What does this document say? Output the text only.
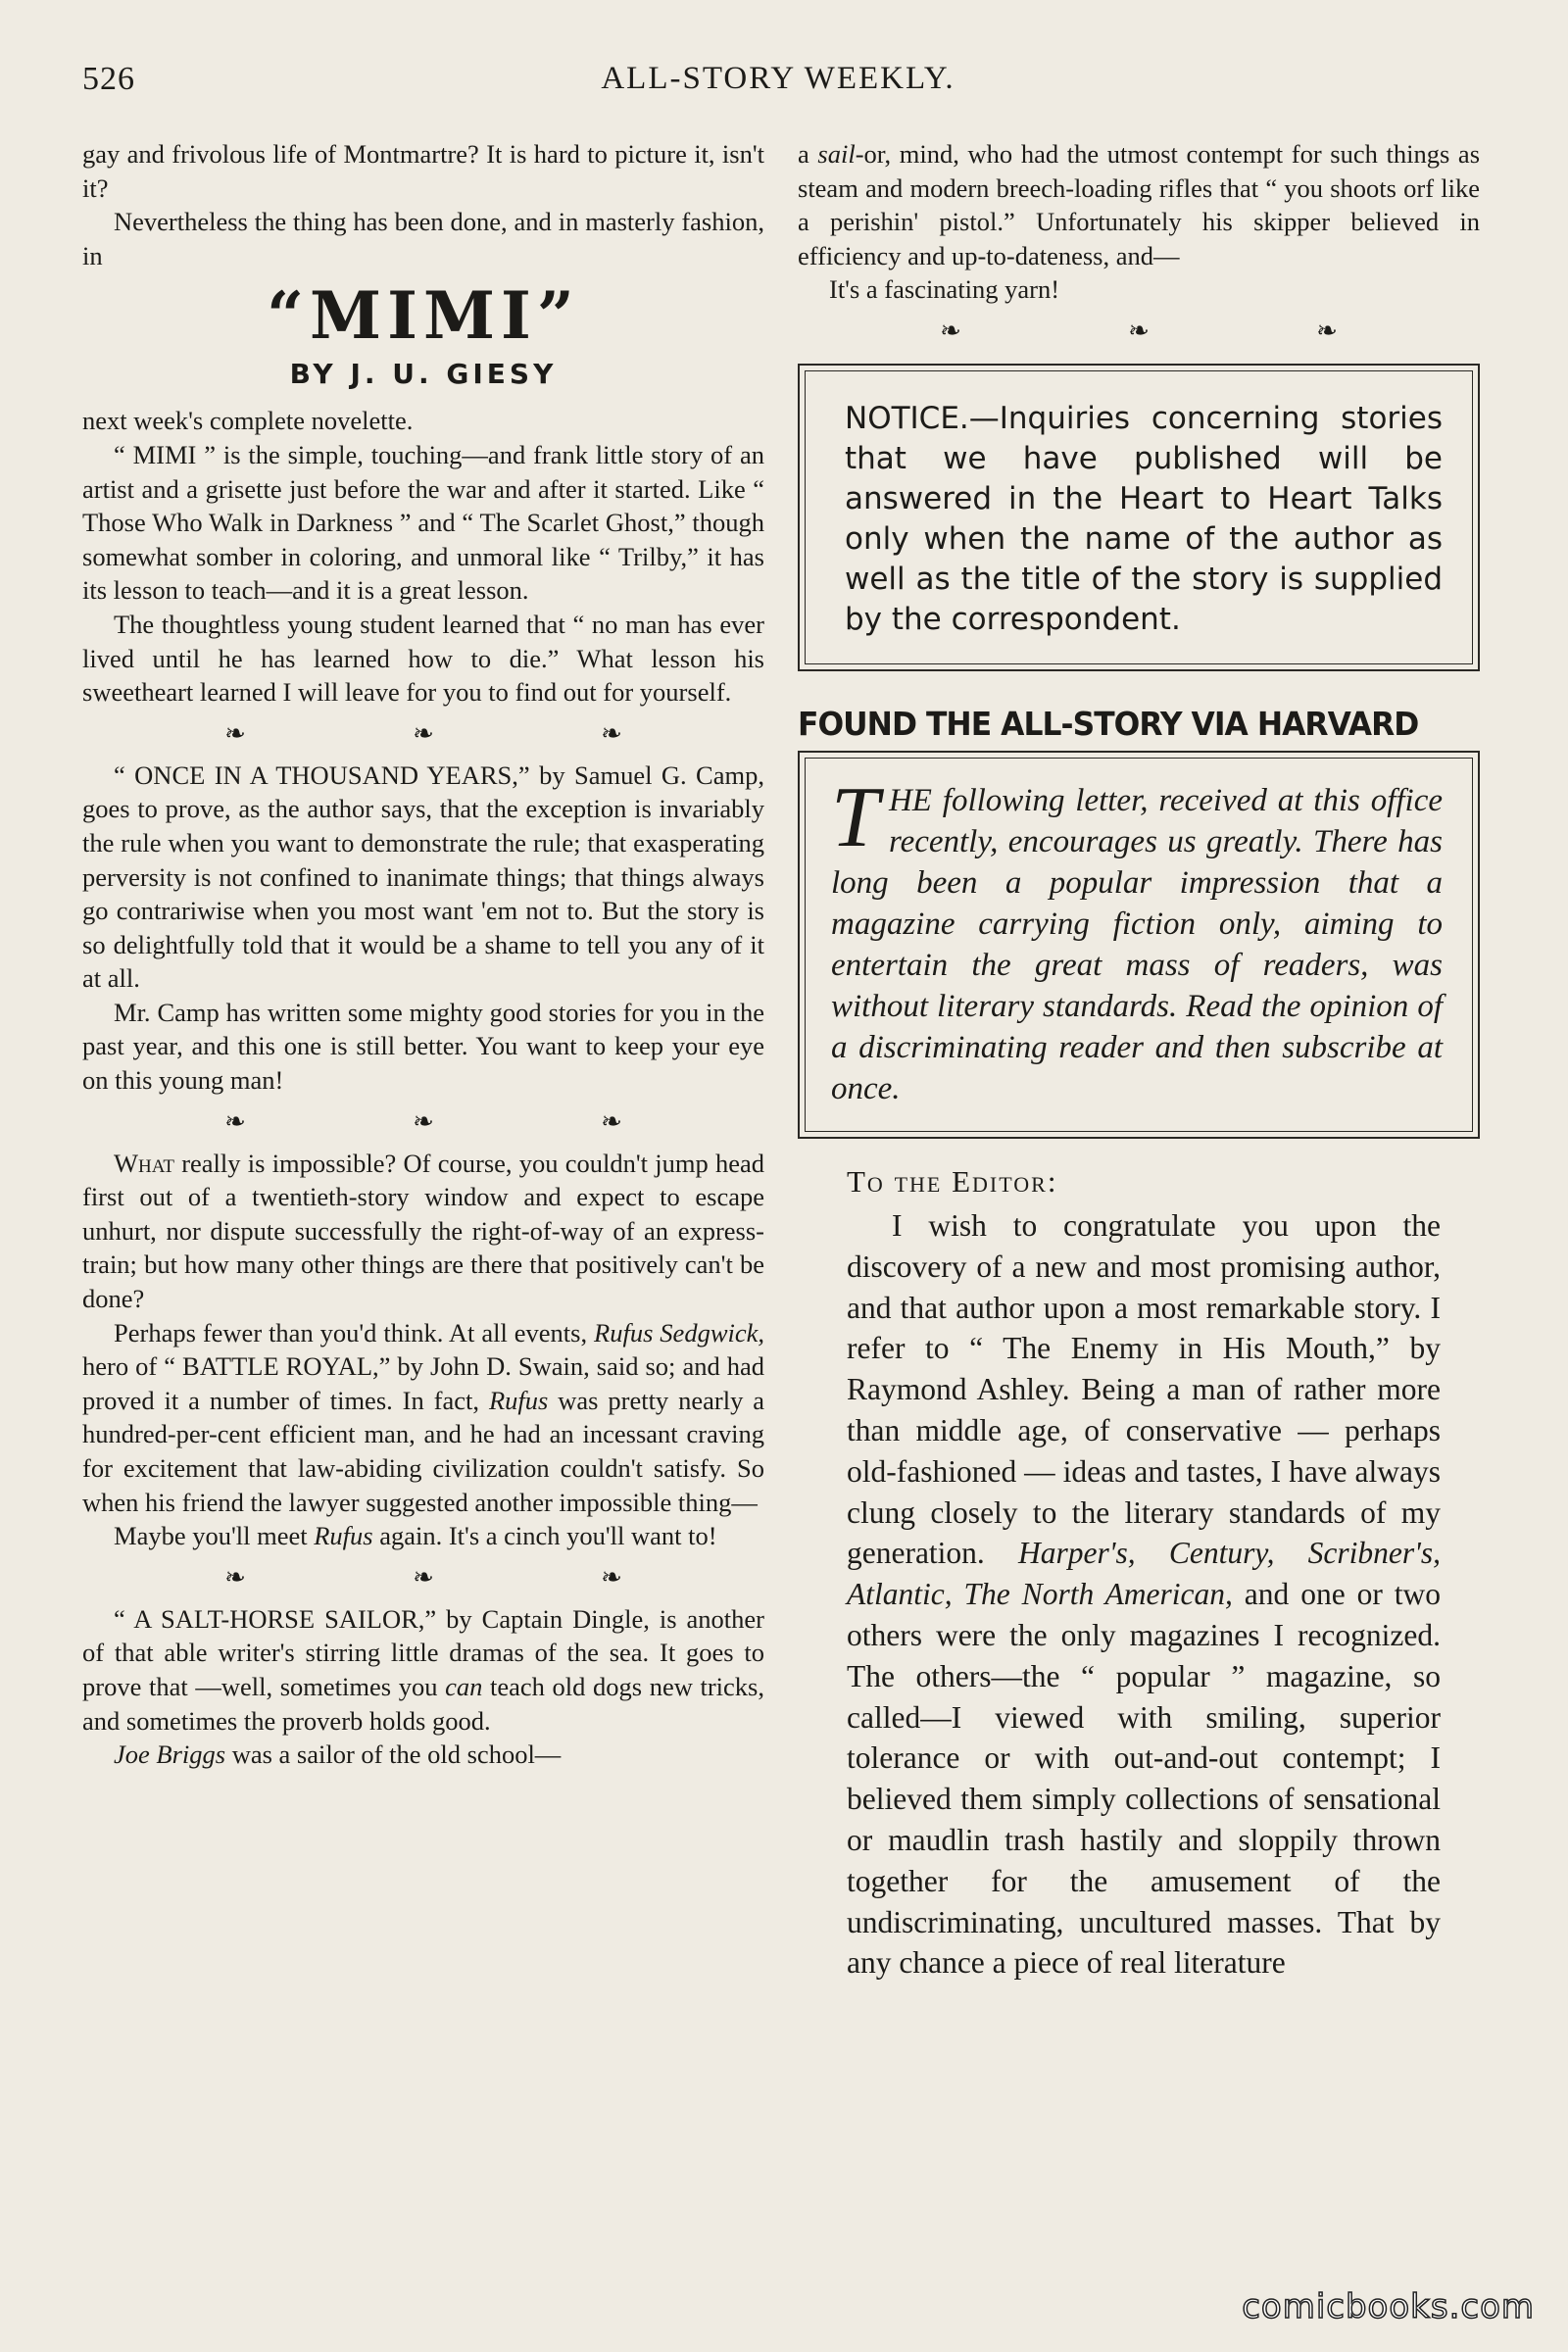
526	ALL-STORY WEEKLY.

gay and frivolous life of Montmartre? It is hard to picture it, isn't it?

Nevertheless the thing has been done, and in masterly fashion, in

“MIMI”
BY J. U. GIESY

next week's complete novelette.

“ MIMI ” is the simple, touching—and frank little story of an artist and a grisette just before the war and after it started. Like “ Those Who Walk in Darkness ” and “ The Scarlet Ghost,” though somewhat somber in coloring, and unmoral like “ Trilby,” it has its lesson to teach—and it is a great lesson.

The thoughtless young student learned that “ no man has ever lived until he has learned how to die.” What lesson his sweetheart learned I will leave for you to find out for yourself.

❧	❧	❧

“ ONCE IN A THOUSAND YEARS,” by Samuel G. Camp, goes to prove, as the author says, that the exception is invariably the rule when you want to demonstrate the rule; that exasperating perversity is not confined to inanimate things; that things always go contrariwise when you most want 'em not to. But the story is so delightfully told that it would be a shame to tell you any of it at all.

Mr. Camp has written some mighty good stories for you in the past year, and this one is still better. You want to keep your eye on this young man!

❧	❧	❧

What really is impossible? Of course, you couldn't jump head first out of a twentieth-story window and expect to escape unhurt, nor dispute successfully the right-of-way of an express-train; but how many other things are there that positively can't be done?

Perhaps fewer than you'd think. At all events, Rufus Sedgwick, hero of “ BATTLE ROYAL,” by John D. Swain, said so; and had proved it a number of times. In fact, Rufus was pretty nearly a hundred-per-cent efficient man, and he had an incessant craving for excitement that law-abiding civilization couldn't satisfy. So when his friend the lawyer suggested another impossible thing—

Maybe you'll meet Rufus again. It's a cinch you'll want to!

❧	❧	❧

“ A SALT-HORSE SAILOR,” by Captain Dingle, is another of that able writer's stirring little dramas of the sea. It goes to prove that —well, sometimes you can teach old dogs new tricks, and sometimes the proverb holds good.

Joe Briggs was a sailor of the old school—

a sail-or, mind, who had the utmost contempt for such things as steam and modern breech-loading rifles that “ you shoots orf like a perishin' pistol.” Unfortunately his skipper believed in efficiency and up-to-dateness, and—

It's a fascinating yarn!

❧	❧	❧

NOTICE.—Inquiries concerning stories that we have published will be answered in the Heart to Heart Talks only when the name of the author as well as the title of the story is supplied by the correspondent.

FOUND THE ALL-STORY VIA HARVARD

THE following letter, received at this office recently, encourages us greatly. There has long been a popular impression that a magazine carrying fiction only, aiming to entertain the great mass of readers, was without literary standards. Read the opinion of a discriminating reader and then subscribe at once.

To the Editor:

I wish to congratulate you upon the discovery of a new and most promising author, and that author upon a most remarkable story. I refer to “ The Enemy in His Mouth,” by Raymond Ashley. Being a man of rather more than middle age, of conservative — perhaps old-fashioned — ideas and tastes, I have always clung closely to the literary standards of my generation. Harper's, Century, Scribner's, Atlantic, The North American, and one or two others were the only magazines I recognized. The others—the “ popular ” magazine, so called—I viewed with smiling, superior tolerance or with out-and-out contempt; I believed them simply collections of sensational or maudlin trash hastily and sloppily thrown together for the amusement of the undiscriminating, uncultured masses. That by any chance a piece of real literature

comicbooks.com
